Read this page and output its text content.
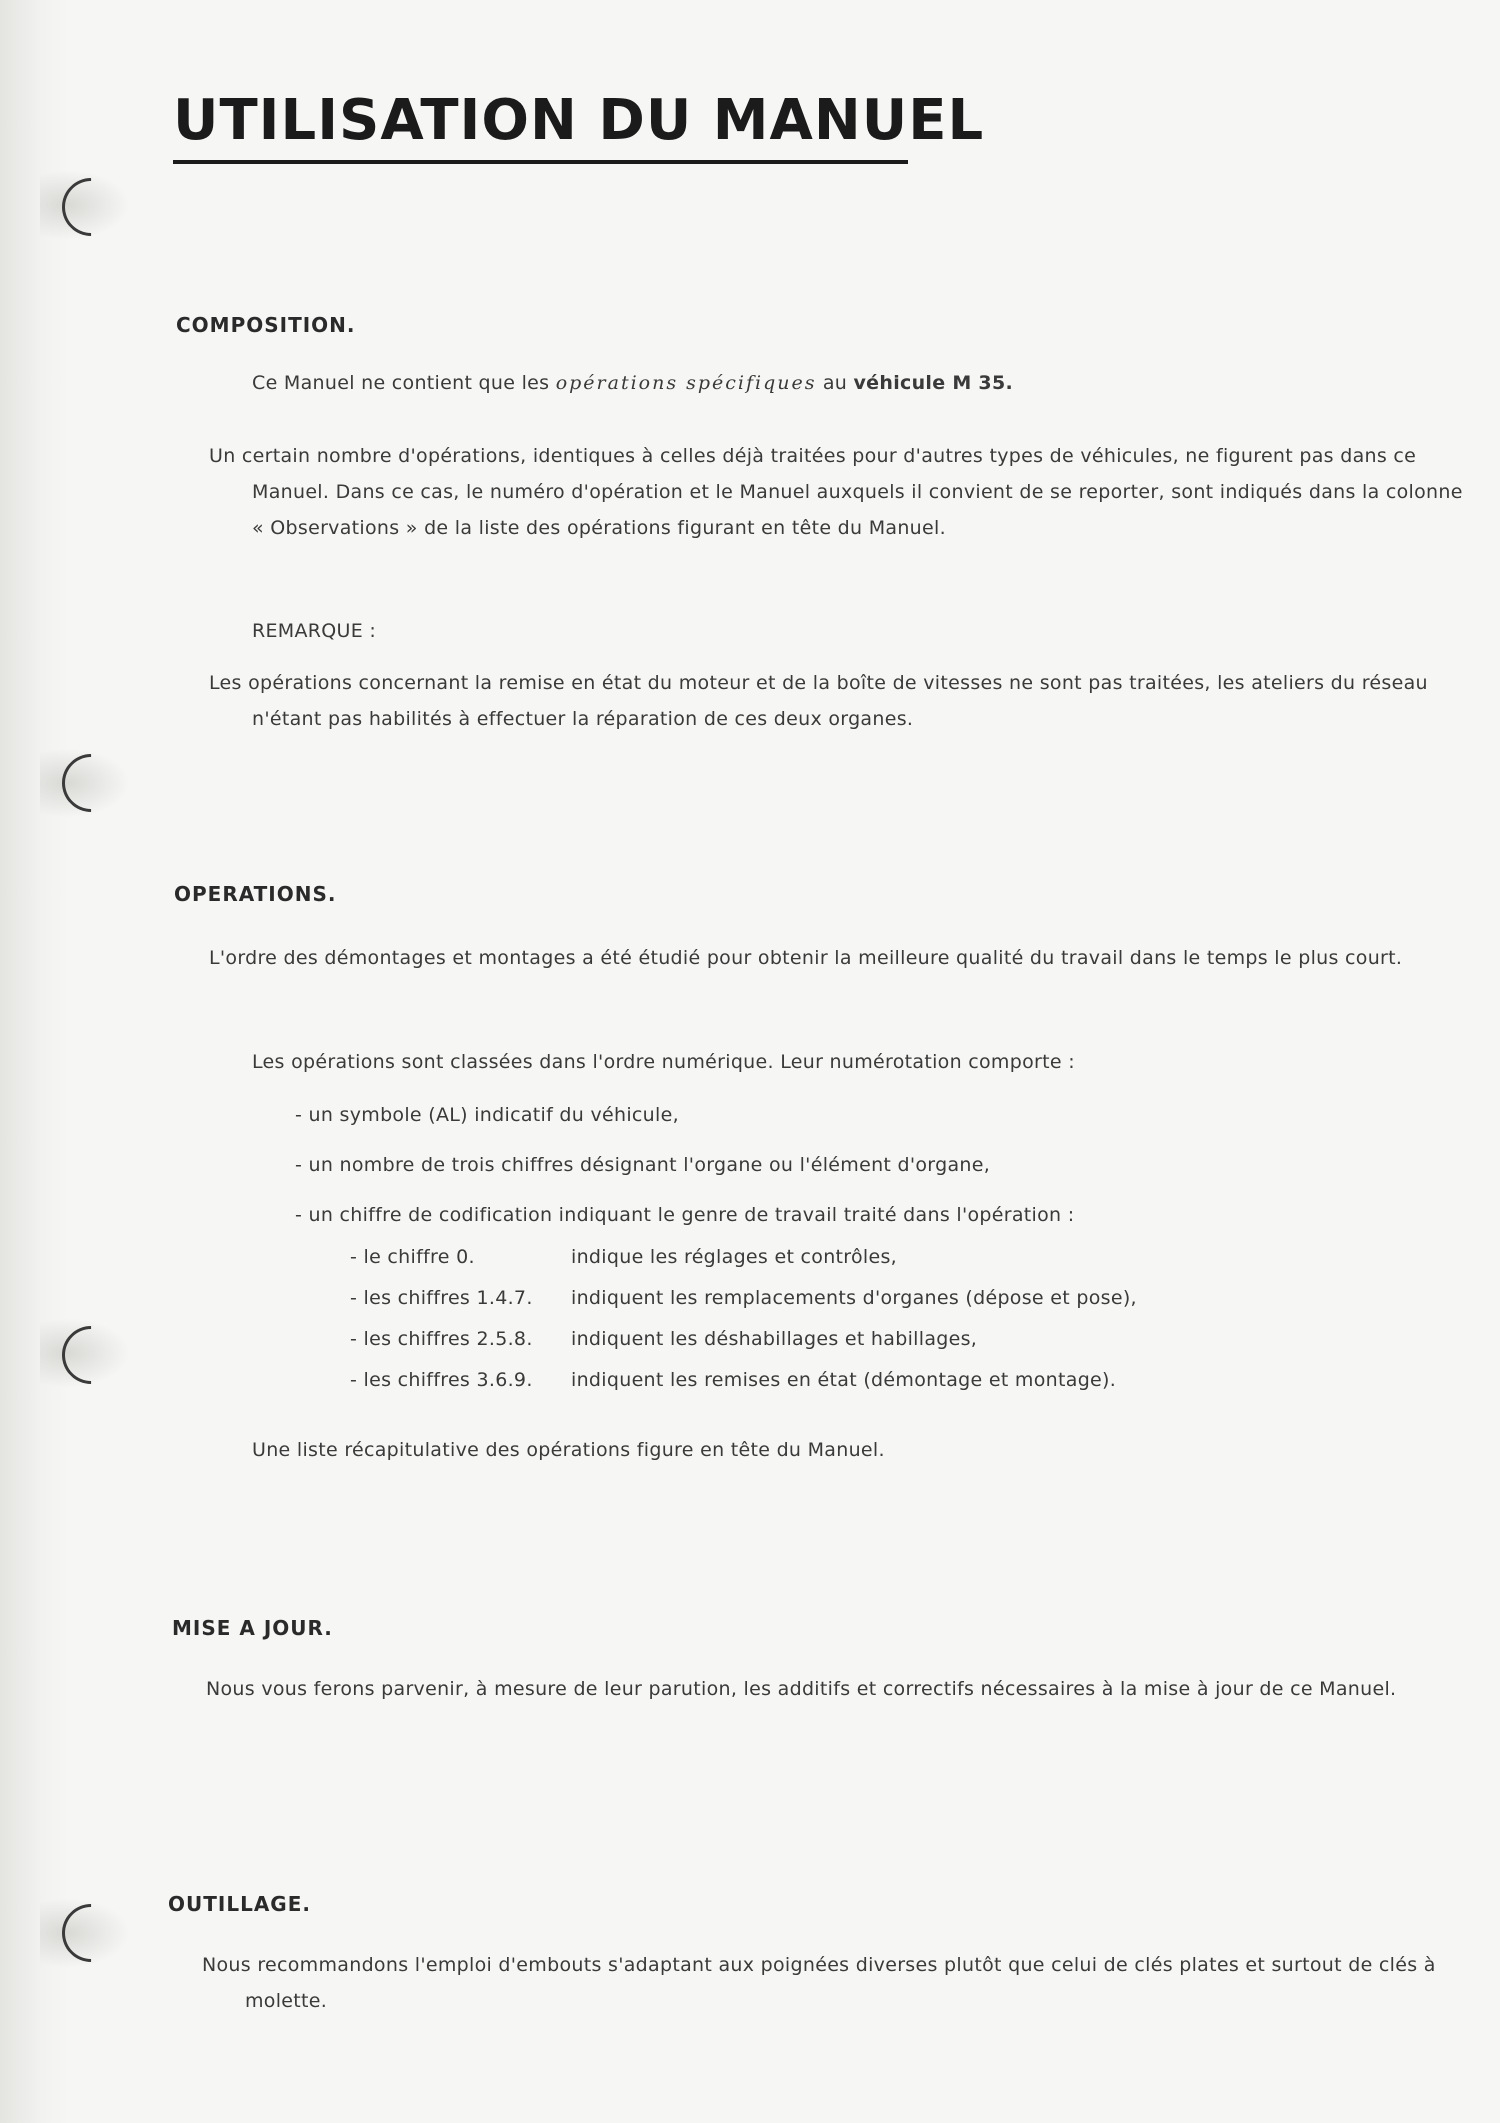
UTILISATION DU MANUEL
COMPOSITION.

Ce Manuel ne contient que les opérations spécifiques au véhicule M 35.

Un certain nombre d'opérations, identiques à celles déjà traitées pour d'autres types de véhicules, ne figurent pas dans ce Manuel. Dans ce cas, le numéro d'opération et le Manuel auxquels il convient de se reporter, sont indiqués dans la colonne « Observations » de la liste des opérations figurant en tête du Manuel.

REMARQUE :

Les opérations concernant la remise en état du moteur et de la boîte de vitesses ne sont pas traitées, les ateliers du réseau n'étant pas habilités à effectuer la réparation de ces deux organes.

OPERATIONS.

L'ordre des démontages et montages a été étudié pour obtenir la meilleure qualité du travail dans le temps le plus court.

Les opérations sont classées dans l'ordre numérique. Leur numérotation comporte :

- un symbole (AL) indicatif du véhicule,

- un nombre de trois chiffres désignant l'organe ou l'élément d'organe,

- un chiffre de codification indiquant le genre de travail traité dans l'opération :

- le chiffre 0.	indique les réglages et contrôles,

- les chiffres 1.4.7. indiquent les remplacements d'organes (dépose et pose),

- les chiffres 2.5.8. indiquent les déshabillages et habillages,

- les chiffres 3.6.9. indiquent les remises en état (démontage et montage).

Une liste récapitulative des opérations figure en tête du Manuel.

MISE A JOUR.

Nous vous ferons parvenir, à mesure de leur parution, les additifs et correctifs nécessaires à la mise à jour de ce Manuel.

OUTILLAGE.

Nous recommandons l'emploi d'embouts s'adaptant aux poignées diverses plutôt que celui de clés plates et surtout de clés à molette.
